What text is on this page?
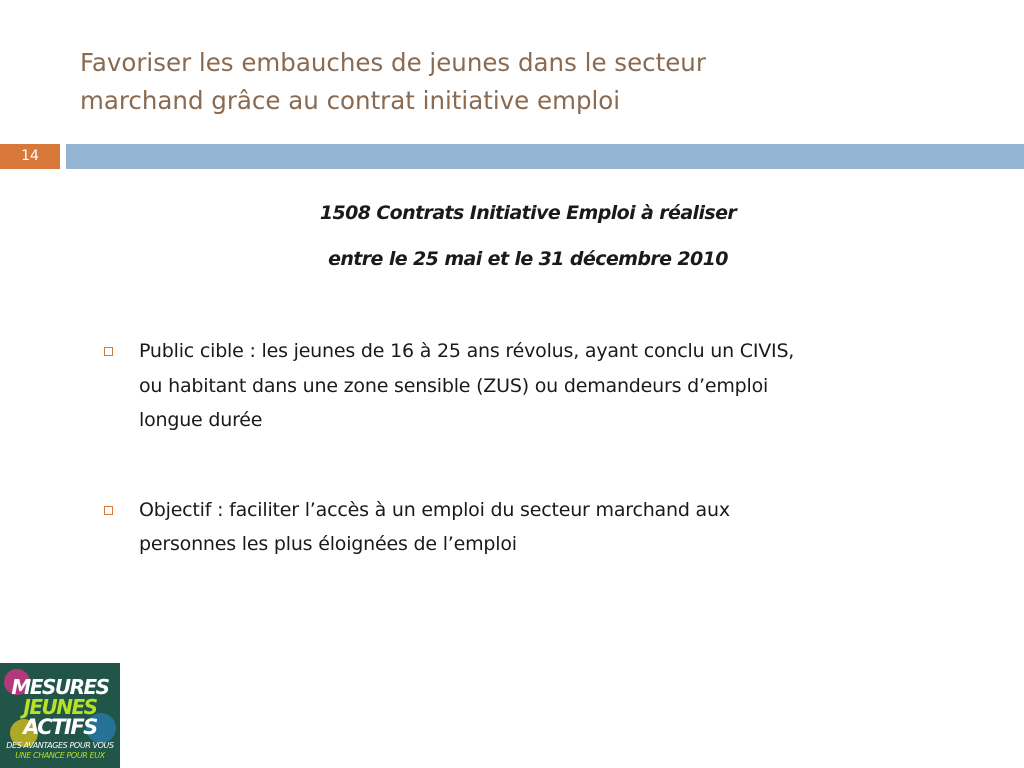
Favoriser les embauches de jeunes dans le secteur
marchand grâce au contrat initiative emploi
14
1508 Contrats Initiative Emploi à réaliser
entre le 25 mai et le 31 décembre 2010
Public cible : les jeunes de 16 à 25 ans révolus, ayant conclu un CIVIS,
ou habitant dans une zone sensible (ZUS) ou demandeurs d’emploi
longue durée
Objectif : faciliter l’accès à un emploi du secteur marchand aux
personnes les plus éloignées de l’emploi
MESURES
JEUNES
ACTIFS
DES AVANTAGES POUR VOUS
UNE CHANCE POUR EUX
